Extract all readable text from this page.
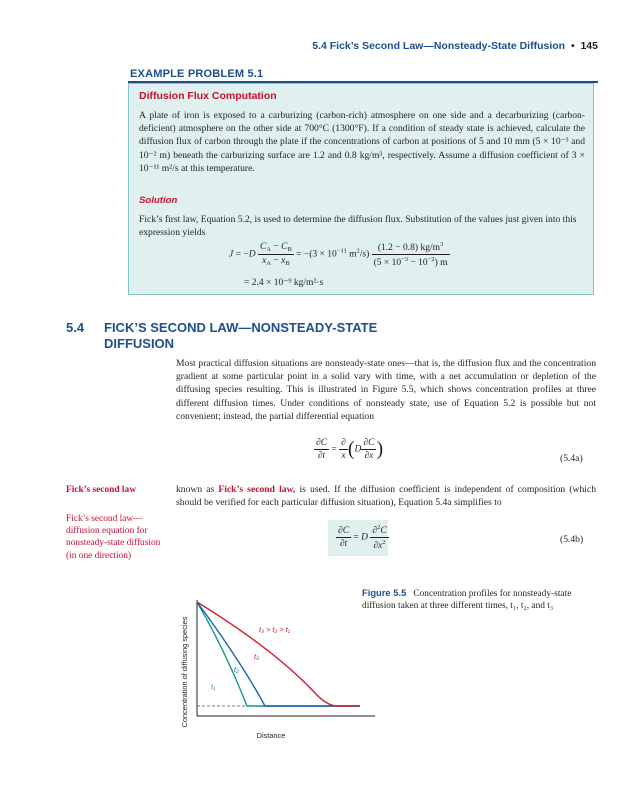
5.4 Fick’s Second Law—Nonsteady-State Diffusion • 145
EXAMPLE PROBLEM 5.1
Diffusion Flux Computation
A plate of iron is exposed to a carburizing (carbon-rich) atmosphere on one side and a decarburizing (carbon-deficient) atmosphere on the other side at 700°C (1300°F). If a condition of steady state is achieved, calculate the diffusion flux of carbon through the plate if the concentrations of carbon at positions of 5 and 10 mm (5 × 10⁻³ and 10⁻² m) beneath the carburizing surface are 1.2 and 0.8 kg/m³, respectively. Assume a diffusion coefficient of 3 × 10⁻¹¹ m²/s at this temperature.
Solution
Fick’s first law, Equation 5.2, is used to determine the diffusion flux. Substitution of the values just given into this expression yields
$J = -D \frac{C_A - C_B}{x_A - x_B} = -(3 \times 10^{-11}$ $m^2/s) \frac{(1.2 - 0.8) kg/m^3}{(5 \times 10^{-3} - 10^{-2}) m}$
= 2.4 × 10⁻⁹ kg/m²·s
5.4 FICK’S SECOND LAW—NONSTEADY-STATE
DIFFUSION
Most practical diffusion situations are nonsteady-state ones—that is, the diffusion flux and the concentration gradient at some particular point in a solid vary with time, with a net accumulation or depletion of the diffusing species resulting. This is illustrated in Figure 5.5, which shows concentration profiles at three different diffusion times. Under conditions of nonsteady state, use of Equation 5.2 is possible but not convenient; instead, the partial differential equation
$\frac{\partial C}{\partial t} = \frac{\partial}{x} (D \frac{\partial C}{\partial x}$ )	(5.4a)
Fick’s second law	known as Fick’s second law, is used. If the diffusion coefficient is independent of composition (which should be verified for each particular diffusion situation), Equation 5.4a simplifies to
Fick’s second law—diffusion equation for nonsteady-state diffusion (in one direction)
$\frac{\partial C}{\partial t} = D \frac{\partial^2C}{\partial x^2}$	(5.4b)
Concentration of diffusing species	t₃ > t₂ > t₁
t₁
t₂
t₃
Distance
Figure 5.5 Concentration profiles for nonsteady-state diffusion taken at three different times, t₁, t₂, and t₃
